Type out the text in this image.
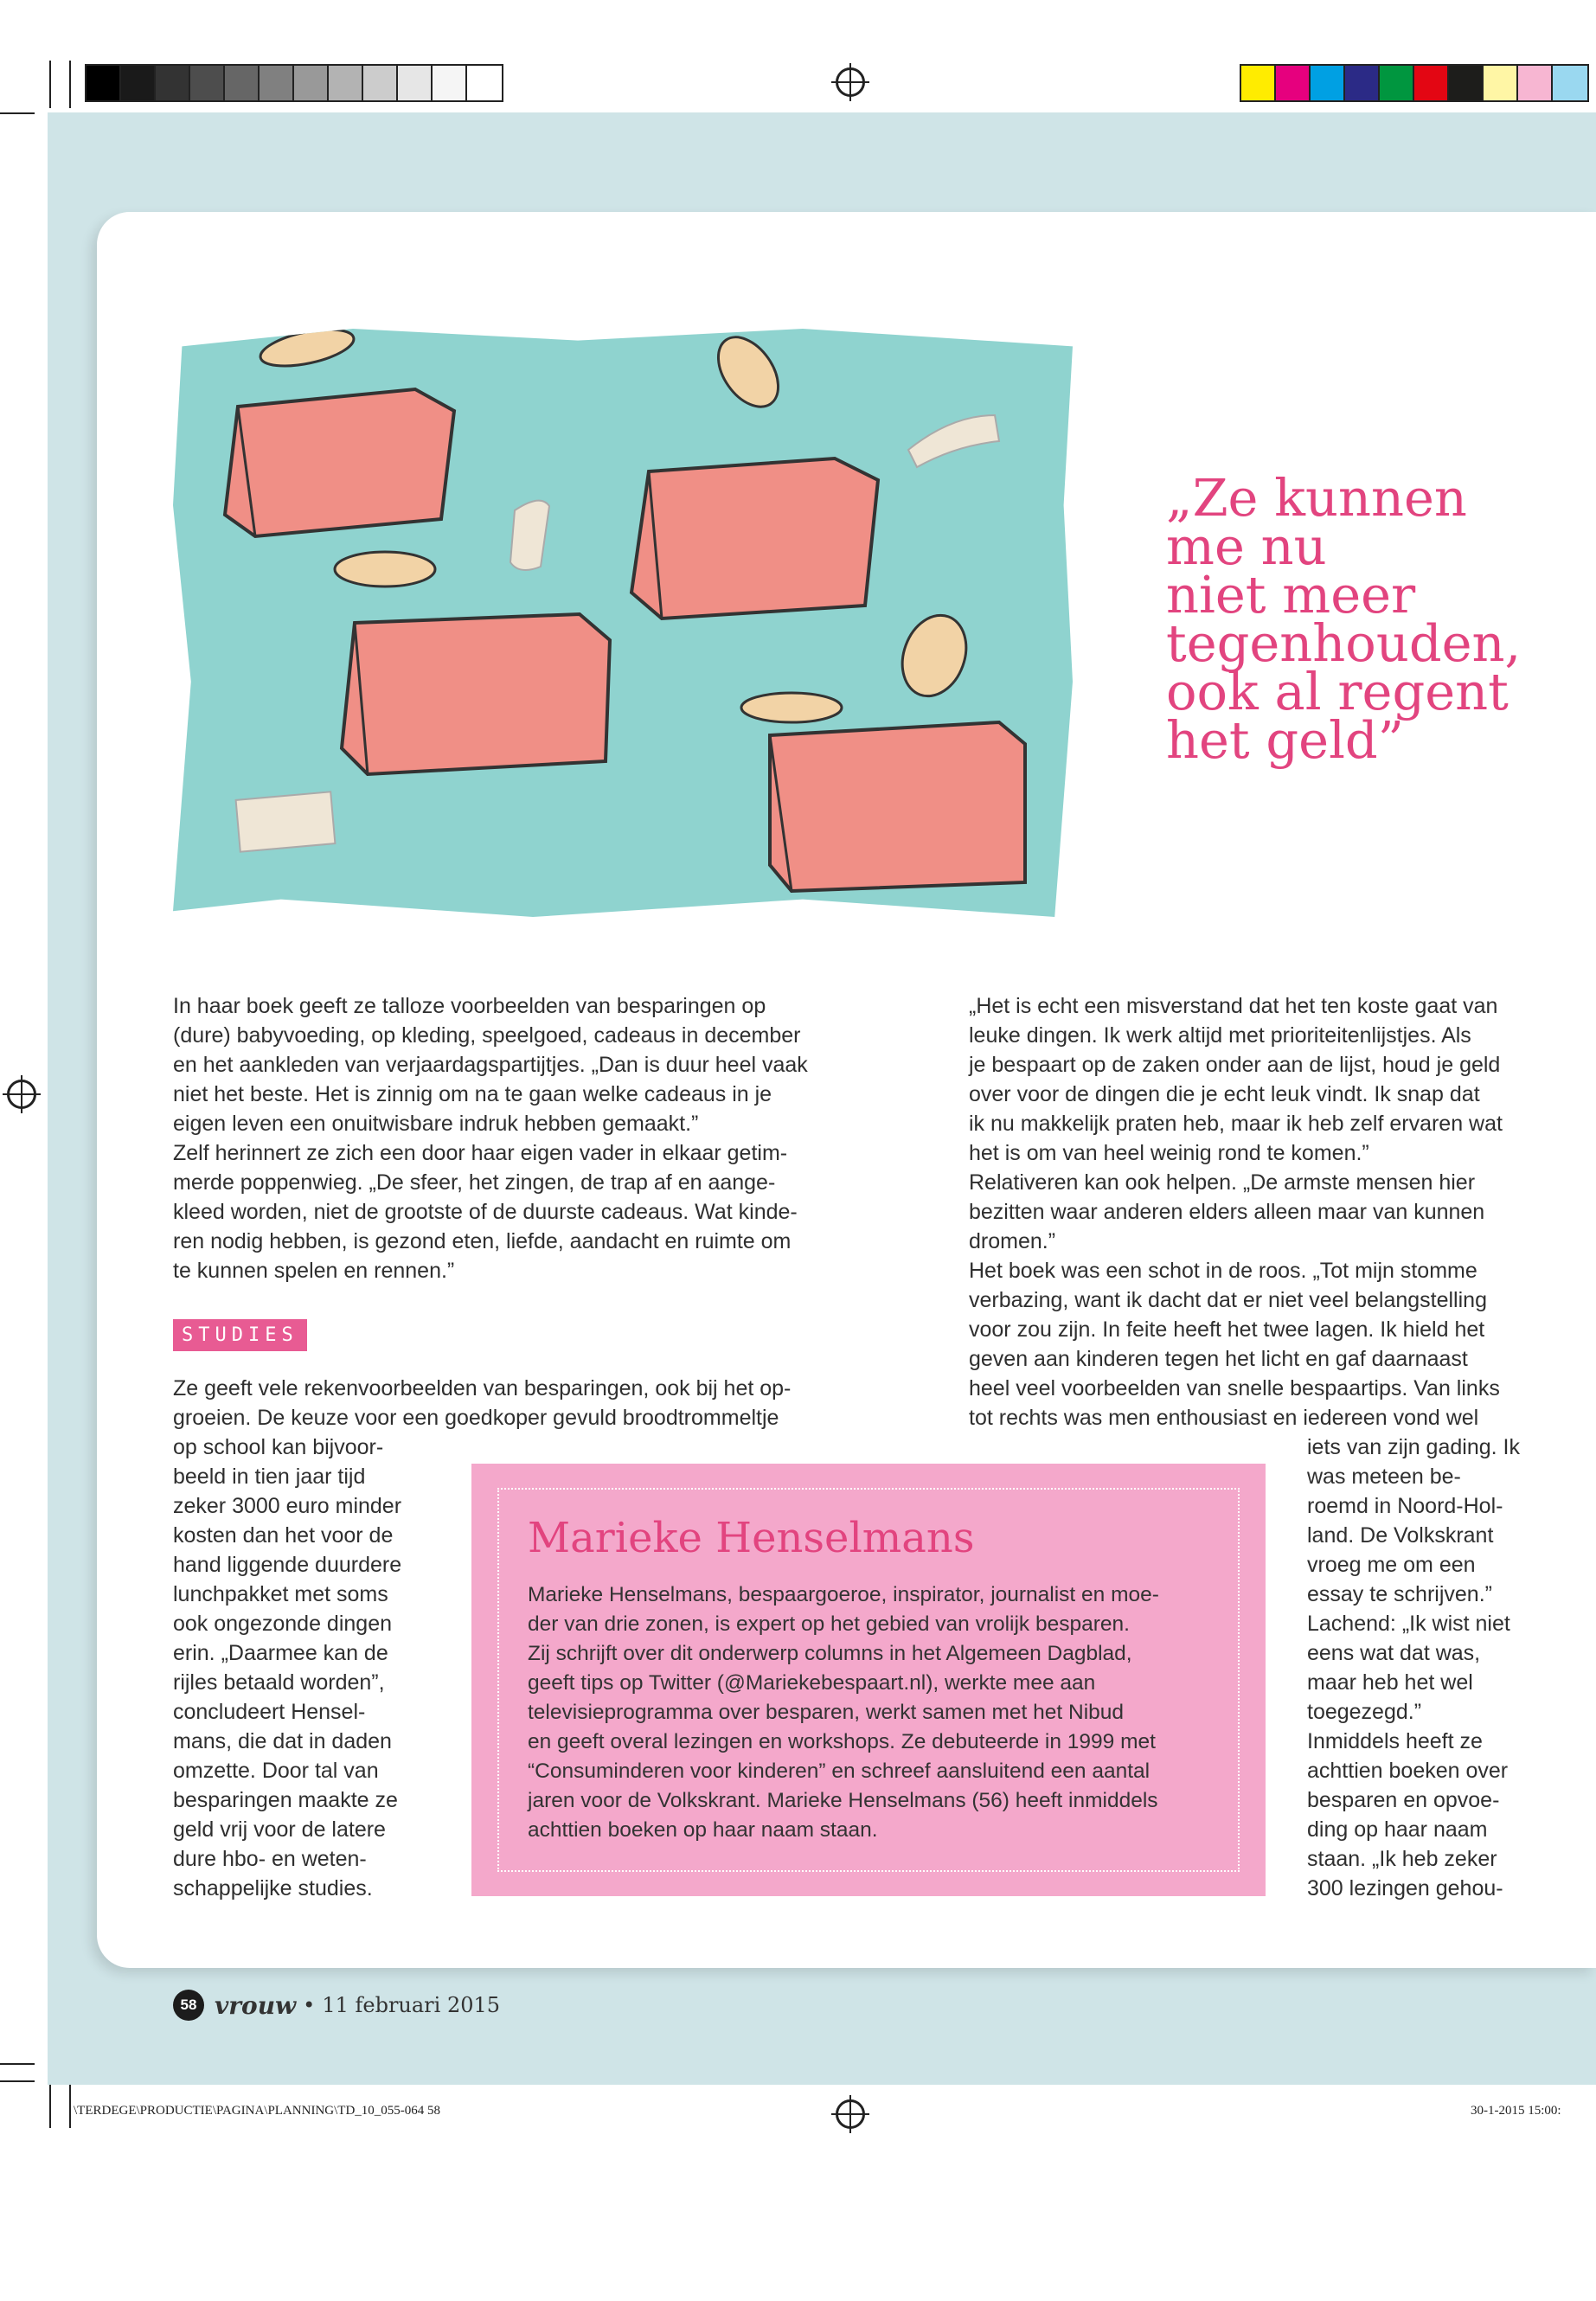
„Ze kunnen
me nu
niet meer
tegenhouden,
ook al regent
het geld”

In haar boek geeft ze talloze voorbeelden van besparingen op

(dure) babyvoeding, op kleding, speelgoed, cadeaus in december

en het aankleden van verjaardagspartijtjes. „Dan is duur heel vaak

niet het beste. Het is zinnig om na te gaan welke cadeaus in je

eigen leven een onuitwisbare indruk hebben gemaakt.”

Zelf herinnert ze zich een door haar eigen vader in elkaar getim-

merde poppenwieg. „De sfeer, het zingen, de trap af en aange-

kleed worden, niet de grootste of de duurste cadeaus. Wat kinde-

ren nodig hebben, is gezond eten, liefde, aandacht en ruimte om

te kunnen spelen en rennen.”

STUDIES

Ze geeft vele rekenvoorbeelden van besparingen, ook bij het op-

groeien. De keuze voor een goedkoper gevuld broodtrommeltje

op school kan bijvoor-

beeld in tien jaar tijd

zeker 3000 euro minder

kosten dan het voor de

hand liggende duurdere

lunchpakket met soms

ook ongezonde dingen

erin. „Daarmee kan de

rijles betaald worden”,

concludeert Hensel-

mans, die dat in daden

omzette. Door tal van

besparingen maakte ze

geld vrij voor de latere

dure hbo- en weten-

schappelijke studies.

„Het is echt een misverstand dat het ten koste gaat van

leuke dingen. Ik werk altijd met prioriteitenlijstjes. Als

je bespaart op de zaken onder aan de lijst, houd je geld

over voor de dingen die je echt leuk vindt. Ik snap dat

ik nu makkelijk praten heb, maar ik heb zelf ervaren wat

het is om van heel weinig rond te komen.”

Relativeren kan ook helpen. „De armste mensen hier

bezitten waar anderen elders alleen maar van kunnen

dromen.”

Het boek was een schot in de roos. „Tot mijn stomme

verbazing, want ik dacht dat er niet veel belangstelling

voor zou zijn. In feite heeft het twee lagen. Ik hield het

geven aan kinderen tegen het licht en gaf daarnaast

heel veel voorbeelden van snelle bespaartips. Van links

tot rechts was men enthousiast en iedereen vond wel

iets van zijn gading. Ik

was meteen be-

roemd in Noord-Hol-

land. De Volkskrant

vroeg me om een

essay te schrijven.”

Lachend: „Ik wist niet

eens wat dat was,

maar heb het wel

toegezegd.”

Inmiddels heeft ze

achttien boeken over

besparen en opvoe-

ding op haar naam

staan. „Ik heb zeker

300 lezingen gehou-

Marieke Henselmans
Marieke Henselmans, bespaargoeroe, inspirator, journalist en moe-
der van drie zonen, is expert op het gebied van vrolijk besparen.
Zij schrijft over dit onderwerp columns in het Algemeen Dagblad,
geeft tips op Twitter (@Mariekebespaart.nl), werkte mee aan
televisieprogramma over besparen, werkt samen met het Nibud
en geeft overal lezingen en workshops. Ze debuteerde in 1999 met
“Consuminderen voor kinderen” en schreef aansluitend een aantal
jaren voor de Volkskrant. Marieke Henselmans (56) heeft inmiddels
achttien boeken op haar naam staan.
58 vrouw • 11 februari 2015
\TERDEGE\PRODUCTIE\PAGINA\PLANNING\TD_10_055-064 58	30-1-2015 15:00:
